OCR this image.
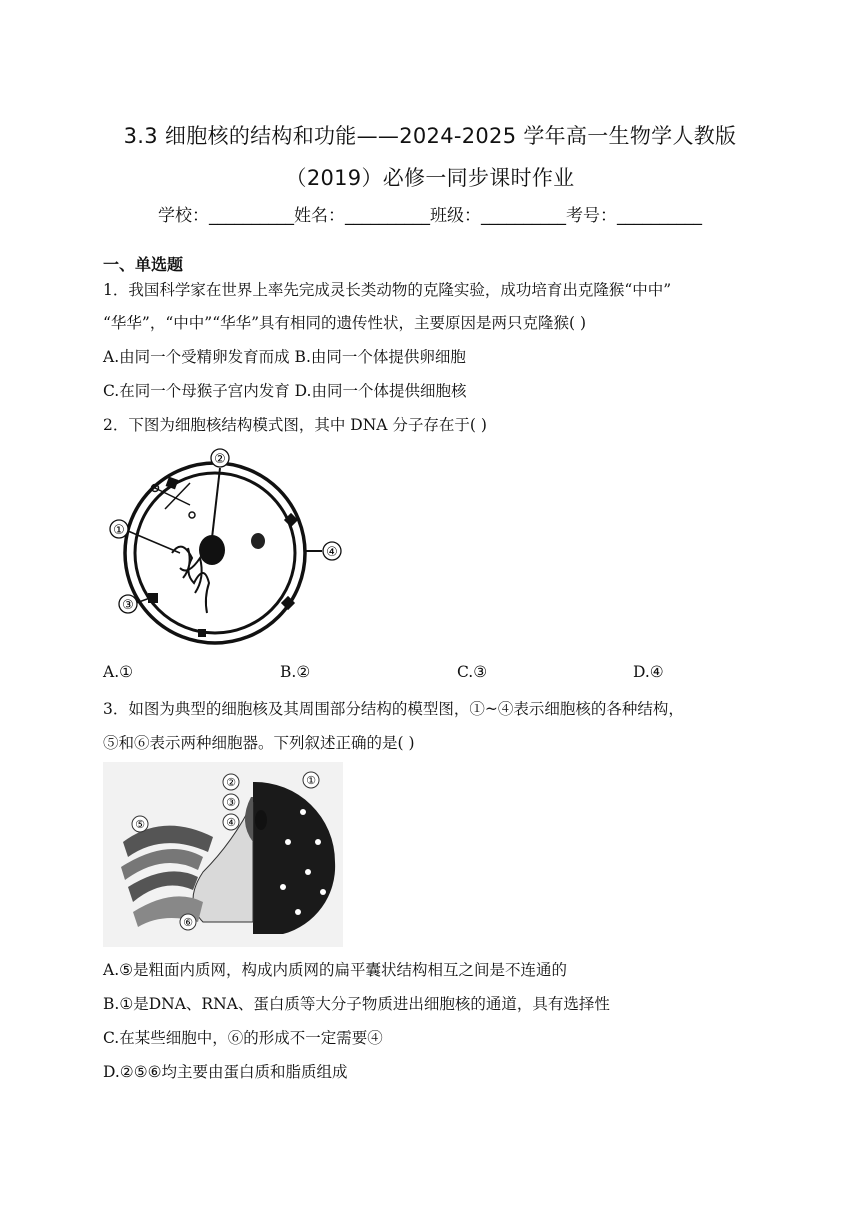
3.3 细胞核的结构和功能——2024-2025 学年高一生物学人教版
（2019）必修一同步课时作业
学校：__________姓名：__________班级：__________考号：__________
一、单选题
1．我国科学家在世界上率先完成灵长类动物的克隆实验，成功培育出克隆猴“中中”
“华华”，“中中”“华华”具有相同的遗传性状，主要原因是两只克隆猴( )
A.由同一个受精卵发育而成 B.由同一个体提供卵细胞
C.在同一个母猴子宫内发育 D.由同一个体提供细胞核
2．下图为细胞核结构模式图，其中 DNA 分子存在于( )
②
①
③
④
A.①	B.②	C.③	D.④
3．如图为典型的细胞核及其周围部分结构的模型图，①~④表示细胞核的各种结构，
⑤和⑥表示两种细胞器。下列叙述正确的是( )
②
③
④
①
⑤
⑥
A.⑤是粗面内质网，构成内质网的扁平囊状结构相互之间是不连通的
B.①是DNA、RNA、蛋白质等大分子物质进出细胞核的通道，具有选择性
C.在某些细胞中，⑥的形成不一定需要④
D.②⑤⑥均主要由蛋白质和脂质组成
